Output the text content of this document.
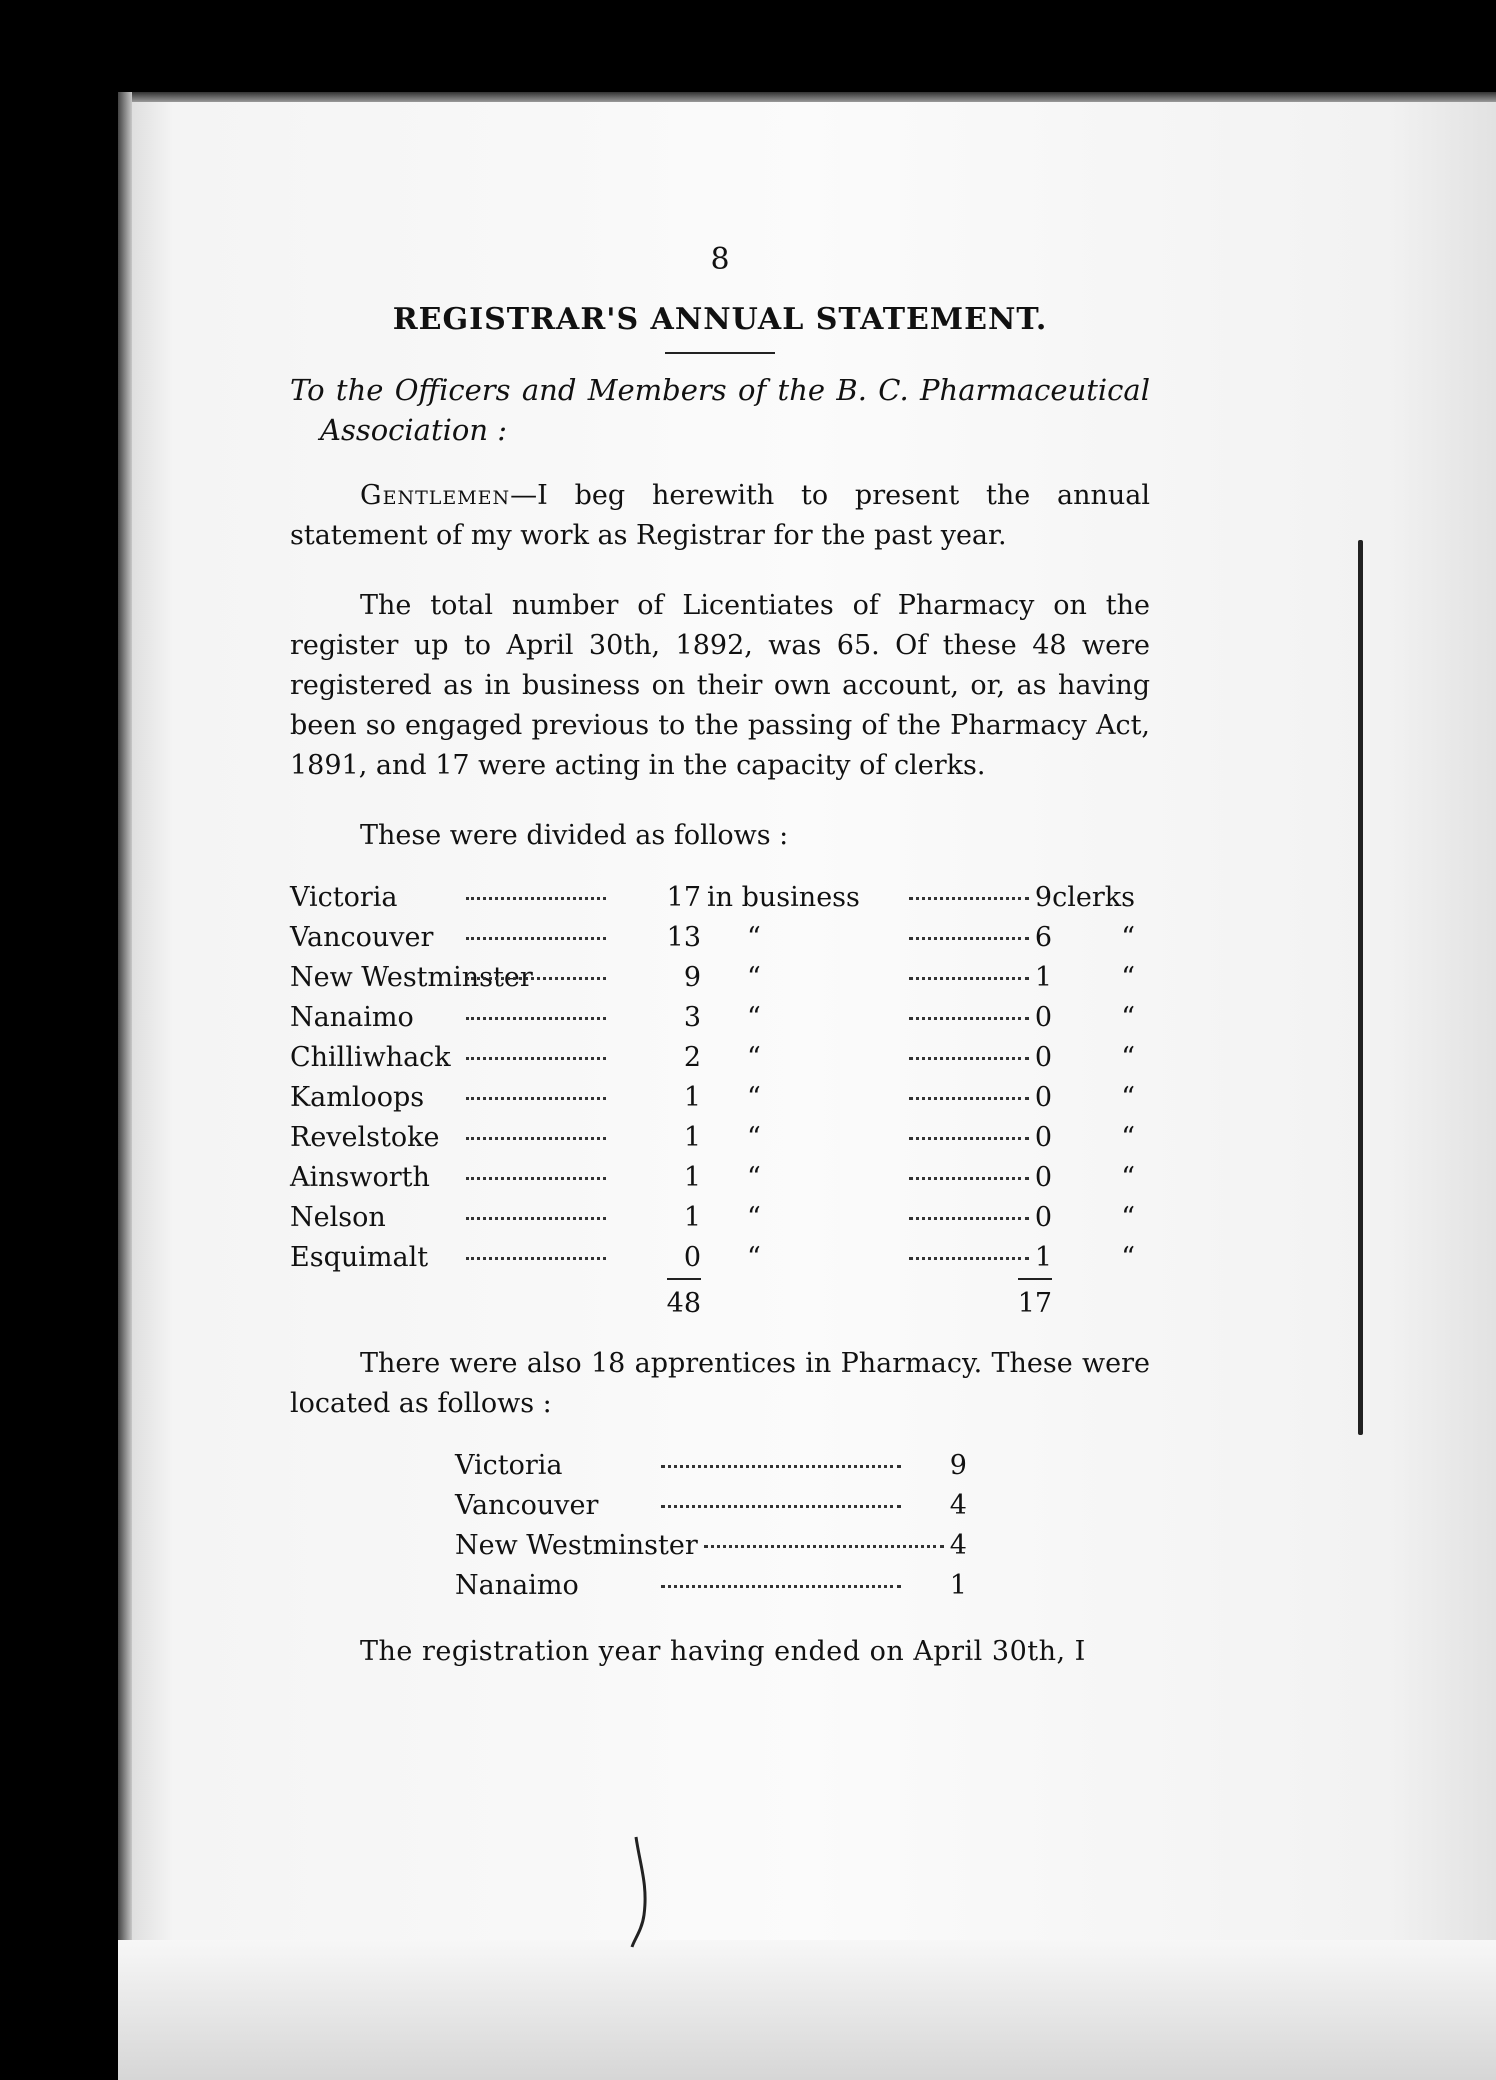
8
REGISTRAR'S ANNUAL STATEMENT.

To the Officers and Members of the B. C. Pharmaceutical Association :

Gentlemen—I beg herewith to present the annual statement of my work as Registrar for the past year.

The total number of Licentiates of Pharmacy on the register up to April 30th, 1892, was 65. Of these 48 were registered as in business on their own account, or, as having been so engaged previous to the passing of the Pharmacy Act, 1891, and 17 were acting in the capacity of clerks.

These were divided as follows :

Victoria	17	in business	9	clerks
Vancouver	13	“	6	“
New Westminster	9	“	1	“
Nanaimo	3	“	0	“
Chilliwhack	2	“	0	“
Kamloops	1	“	0	“
Revelstoke	1	“	0	“
Ainsworth	1	“	0	“
Nelson	1	“	0	“
Esquimalt	0	“	1	“
	48		17	

There were also 18 apprentices in Pharmacy. These were located as follows :

Victoria	9
Vancouver	4
New Westminster	4
Nanaimo	1

The registration year having ended on April 30th, I
